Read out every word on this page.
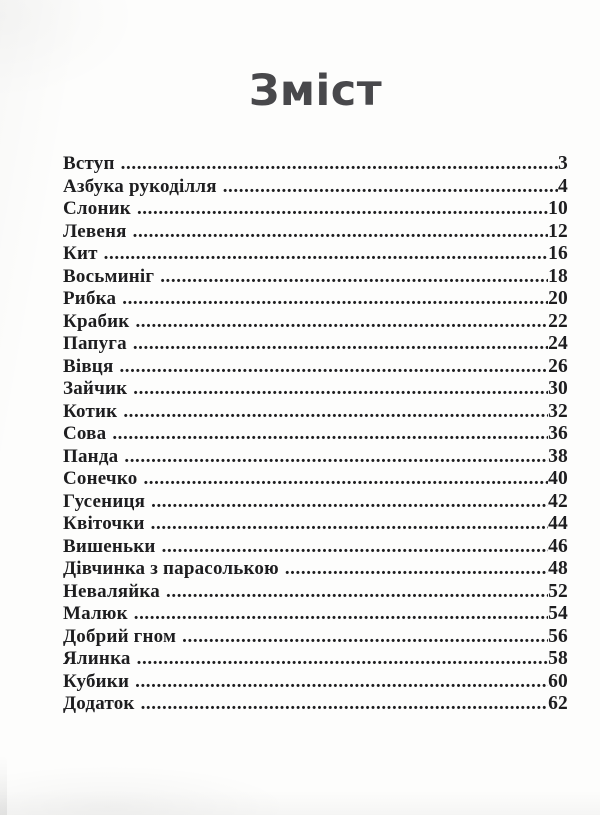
Зміст
Вступ .....	3
Азбука рукоділля .....	4
Слоник .....	10
Левеня .....	12
Кит .....	16
Восьминіг .....	18
Рибка .....	20
Крабик .....	22
Папуга .....	24
Вівця .....	26
Зайчик .....	30
Котик .....	32
Сова .....	36
Панда .....	38
Сонечко .....	40
Гусениця .....	42
Квіточки .....	44
Вишеньки .....	46
Дівчинка з парасолькою .....	48
Неваляйка .....	52
Малюк .....	54
Добрий гном .....	56
Ялинка .....	58
Кубики .....	60
Додаток .....	62
